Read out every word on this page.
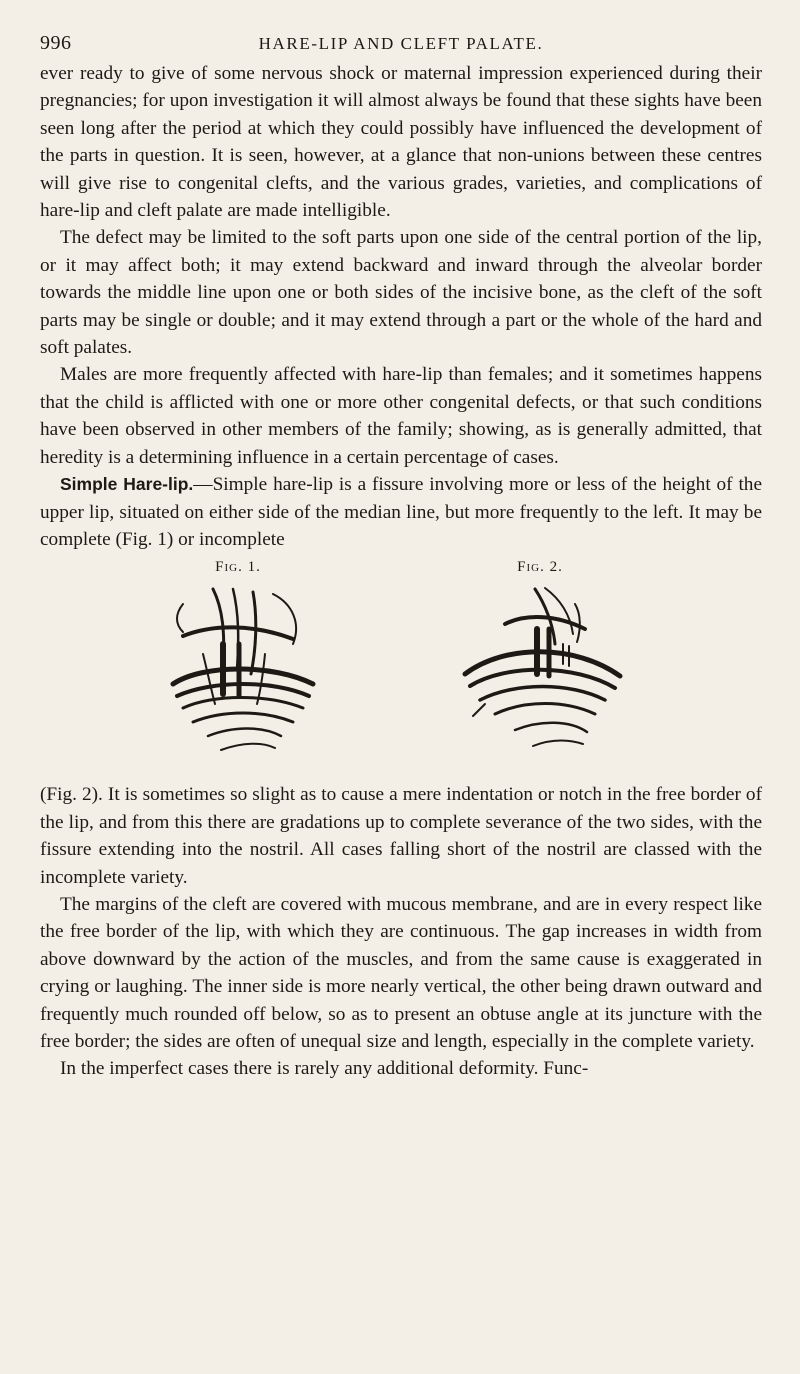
996	HARE-LIP AND CLEFT PALATE.

ever ready to give of some nervous shock or maternal impression experienced during their pregnancies; for upon investigation it will almost always be found that these sights have been seen long after the period at which they could possibly have influenced the development of the parts in question. It is seen, however, at a glance that non-unions between these centres will give rise to congenital clefts, and the various grades, varieties, and complications of hare-lip and cleft palate are made intelligible.

The defect may be limited to the soft parts upon one side of the central portion of the lip, or it may affect both; it may extend backward and inward through the alveolar border towards the middle line upon one or both sides of the incisive bone, as the cleft of the soft parts may be single or double; and it may extend through a part or the whole of the hard and soft palates.

Males are more frequently affected with hare-lip than females; and it sometimes happens that the child is afflicted with one or more other congenital defects, or that such conditions have been observed in other members of the family; showing, as is generally admitted, that heredity is a determining influence in a certain percentage of cases.

Simple Hare-lip.—Simple hare-lip is a fissure involving more or less of the height of the upper lip, situated on either side of the median line, but more frequently to the left. It may be complete (Fig. 1) or incomplete

Fig. 1.	Fig. 2.

(Fig. 2). It is sometimes so slight as to cause a mere indentation or notch in the free border of the lip, and from this there are gradations up to complete severance of the two sides, with the fissure extending into the nostril. All cases falling short of the nostril are classed with the incomplete variety.

The margins of the cleft are covered with mucous membrane, and are in every respect like the free border of the lip, with which they are continuous. The gap increases in width from above downward by the action of the muscles, and from the same cause is exaggerated in crying or laughing. The inner side is more nearly vertical, the other being drawn outward and frequently much rounded off below, so as to present an obtuse angle at its juncture with the free border; the sides are often of unequal size and length, especially in the complete variety.

In the imperfect cases there is rarely any additional deformity. Func-
